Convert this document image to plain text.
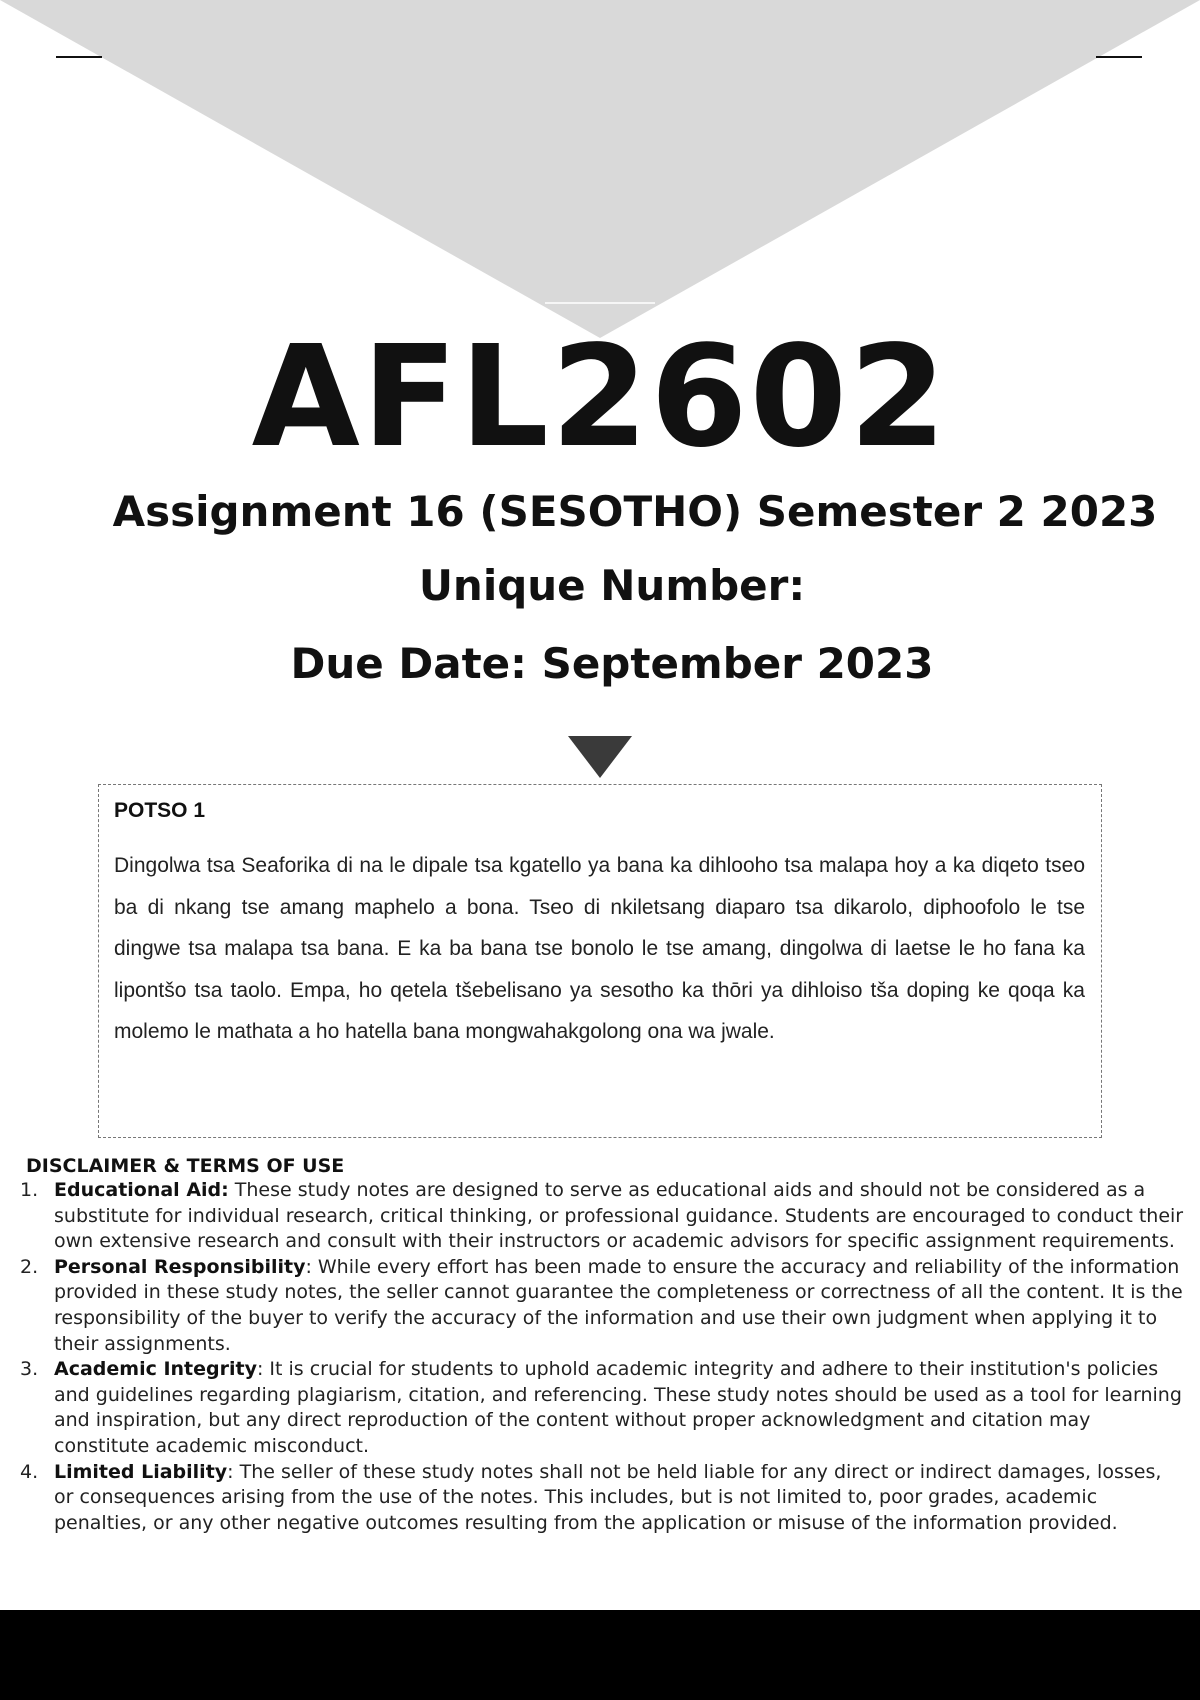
AFL2602
Assignment 16 (SESOTHO) Semester 2 2023
Unique Number:
Due Date: September 2023
POTSO 1

Dingolwa tsa Seaforika di na le dipale tsa kgatello ya bana ka dihlooho tsa malapa hoy a ka diqeto tseo ba di nkang tse amang maphelo a bona. Tseo di nkiletsang diaparo tsa dikarolo, diphoofolo le tse dingwe tsa malapa tsa bana. E ka ba bana tse bonolo le tse amang, dingolwa di laetse le ho fana ka lipontšo tsa taolo. Empa, ho qetela tšebelisano ya sesotho ka thōri ya dihloiso tša doping ke qoqa ka molemo le mathata a ho hatella bana mongwahakgolong ona wa jwale.

DISCLAIMER & TERMS OF USE
1. Educational Aid: These study notes are designed to serve as educational aids and should not be considered as a substitute for individual research, critical thinking, or professional guidance. Students are encouraged to conduct their own extensive research and consult with their instructors or academic advisors for specific assignment requirements.
2. Personal Responsibility: While every effort has been made to ensure the accuracy and reliability of the information provided in these study notes, the seller cannot guarantee the completeness or correctness of all the content. It is the responsibility of the buyer to verify the accuracy of the information and use their own judgment when applying it to their assignments.
3. Academic Integrity: It is crucial for students to uphold academic integrity and adhere to their institution's policies and guidelines regarding plagiarism, citation, and referencing. These study notes should be used as a tool for learning and inspiration, but any direct reproduction of the content without proper acknowledgment and citation may constitute academic misconduct.
4. Limited Liability: The seller of these study notes shall not be held liable for any direct or indirect damages, losses, or consequences arising from the use of the notes. This includes, but is not limited to, poor grades, academic penalties, or any other negative outcomes resulting from the application or misuse of the information provided.
